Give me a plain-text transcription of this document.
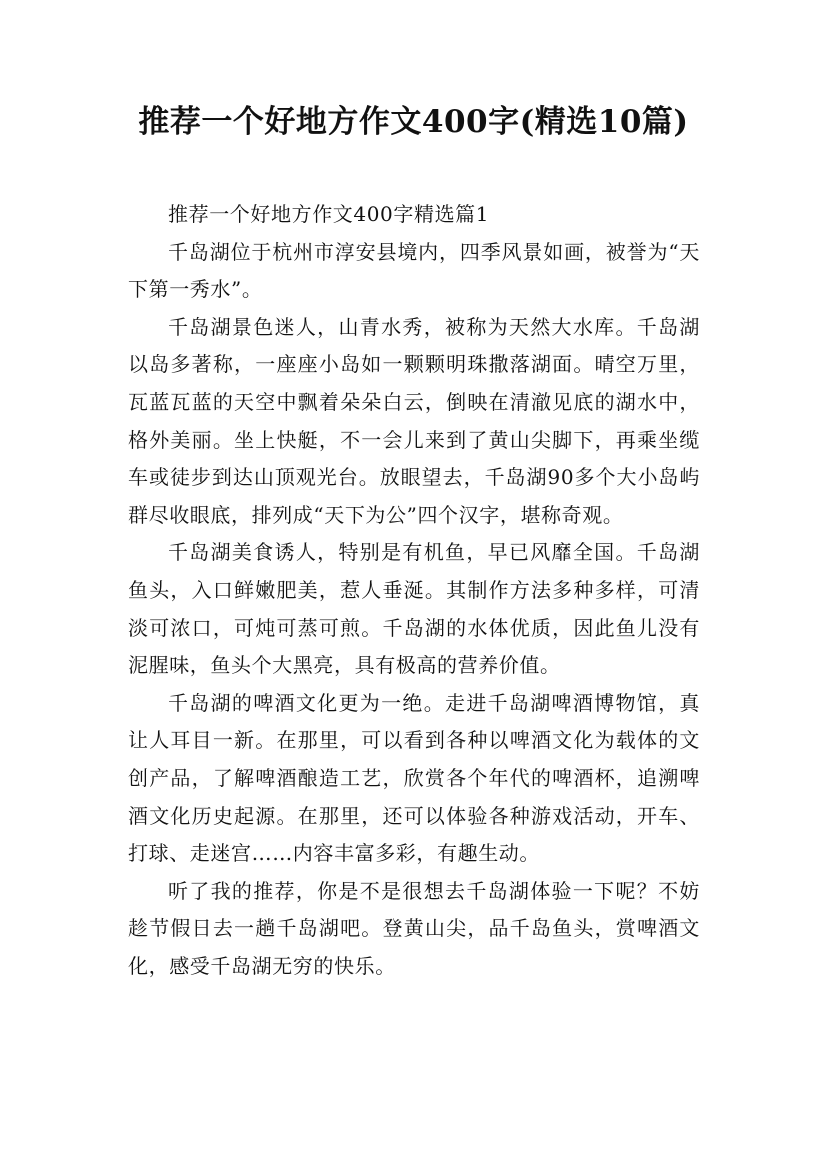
推荐一个好地方作文400字(精选10篇)

推荐一个好地方作文400字精选篇1

千岛湖位于杭州市淳安县境内，四季风景如画，被誉为“天下第一秀水”。

千岛湖景色迷人，山青水秀，被称为天然大水库。千岛湖以岛多著称，一座座小岛如一颗颗明珠撒落湖面。晴空万里，瓦蓝瓦蓝的天空中飘着朵朵白云，倒映在清澈见底的湖水中，格外美丽。坐上快艇，不一会儿来到了黄山尖脚下，再乘坐缆车或徒步到达山顶观光台。放眼望去，千岛湖90多个大小岛屿群尽收眼底，排列成“天下为公”四个汉字，堪称奇观。

千岛湖美食诱人，特别是有机鱼，早已风靡全国。千岛湖鱼头，入口鲜嫩肥美，惹人垂涎。其制作方法多种多样，可清淡可浓口，可炖可蒸可煎。千岛湖的水体优质，因此鱼儿没有泥腥味，鱼头个大黑亮，具有极高的营养价值。

千岛湖的啤酒文化更为一绝。走进千岛湖啤酒博物馆，真让人耳目一新。在那里，可以看到各种以啤酒文化为载体的文创产品，了解啤酒酿造工艺，欣赏各个年代的啤酒杯，追溯啤酒文化历史起源。在那里，还可以体验各种游戏活动，开车、打球、走迷宫……内容丰富多彩，有趣生动。

听了我的推荐，你是不是很想去千岛湖体验一下呢？不妨趁节假日去一趟千岛湖吧。登黄山尖，品千岛鱼头，赏啤酒文化，感受千岛湖无穷的快乐。
